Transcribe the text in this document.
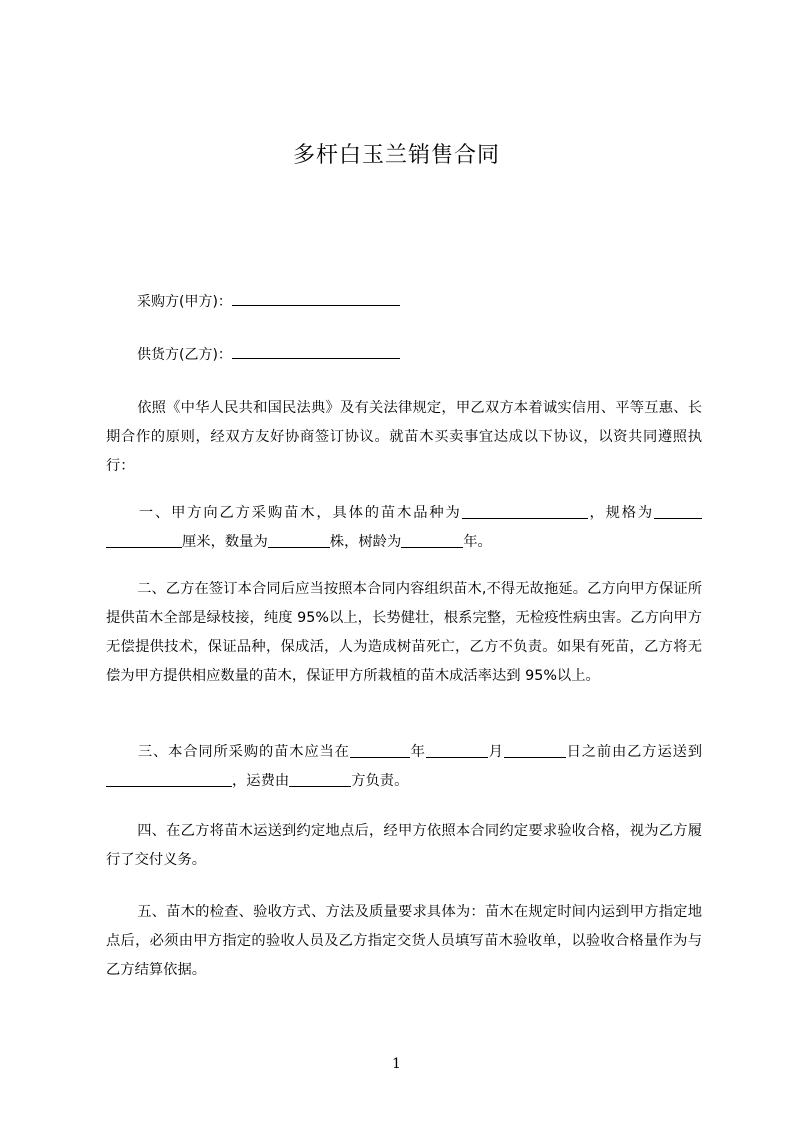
多杆白玉兰销售合同
采购方(甲方)：
供货方(乙方)：
依照《中华人民共和国民法典》及有关法律规定，甲乙双方本着诚实信用、平等互惠、长期合作的原则，经双方友好协商签订协议。就苗木买卖事宜达成以下协议，以资共同遵照执行：
一、甲方向乙方采购苗木，具体的苗木品种为	，规格为厘米，数量为	株，树龄为	年。
二、乙方在签订本合同后应当按照本合同内容组织苗木,不得无故拖延。乙方向甲方保证所提供苗木全部是绿枝接，纯度 95%以上，长势健壮，根系完整，无检疫性病虫害。乙方向甲方无偿提供技术，保证品种，保成活，人为造成树苗死亡，乙方不负责。如果有死苗，乙方将无偿为甲方提供相应数量的苗木，保证甲方所栽植的苗木成活率达到 95%以上。
三、本合同所采购的苗木应当在	年	月	日之前由乙方运送到，运费由	方负责。
四、在乙方将苗木运送到约定地点后，经甲方依照本合同约定要求验收合格，视为乙方履行了交付义务。
五、苗木的检查、验收方式、方法及质量要求具体为：苗木在规定时间内运到甲方指定地点后，必须由甲方指定的验收人员及乙方指定交货人员填写苗木验收单，以验收合格量作为与乙方结算依据。
1
